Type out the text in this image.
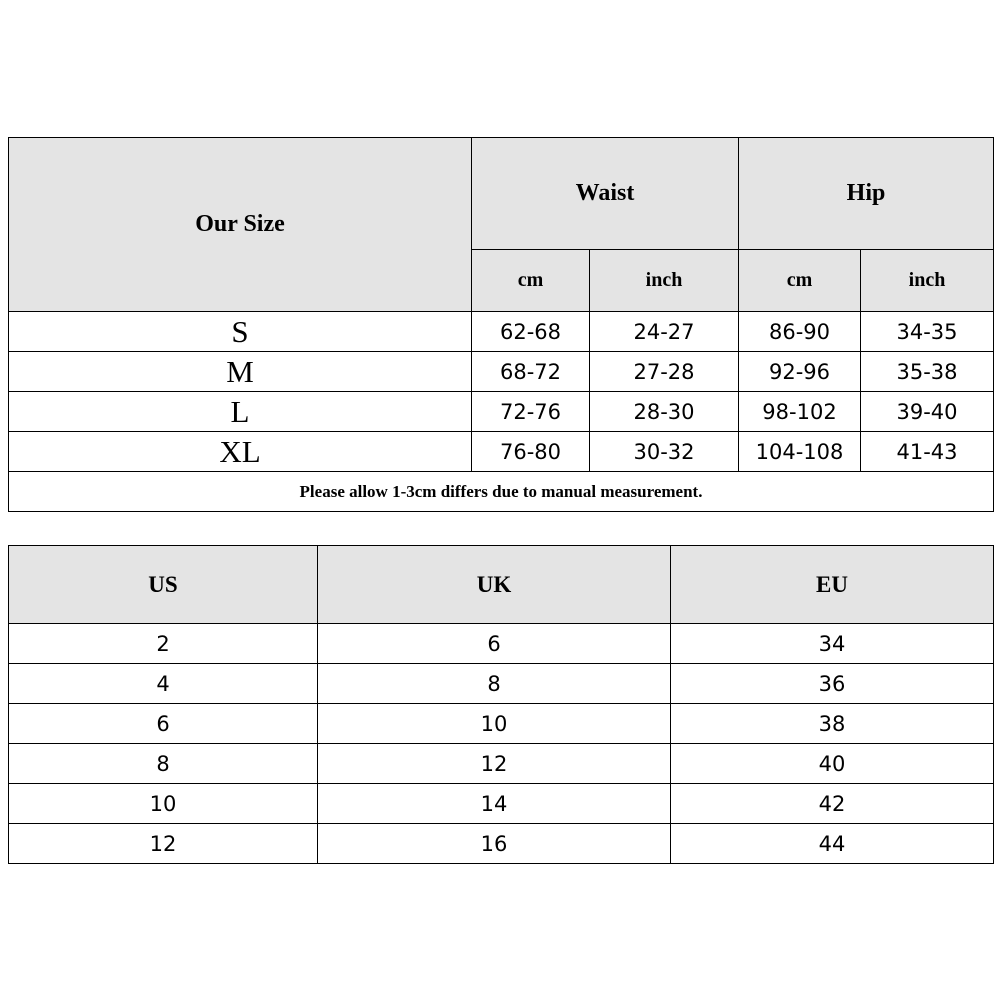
Our Size	Waist		Hip	
	cm	inch	cm	inch
S	62-68	24-27	86-90	34-35
M	68-72	27-28	92-96	35-38
L	72-76	28-30	98-102	39-40
XL	76-80	30-32	104-108	41-43
Please allow 1-3cm differs due to manual measurement.				
US	UK	EU
2	6	34
4	8	36
6	10	38
8	12	40
10	14	42
12	16	44
